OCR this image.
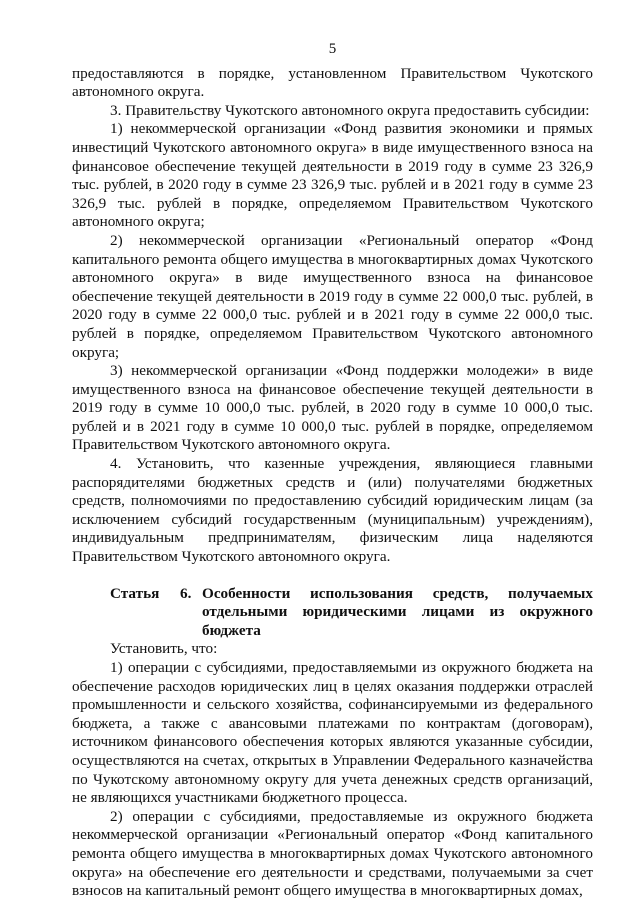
5

предоставляются в порядке, установленном Правительством Чукотского автономного округа.

3. Правительству Чукотского автономного округа предоставить субсидии:

1) некоммерческой организации «Фонд развития экономики и прямых инвестиций Чукотского автономного округа» в виде имущественного взноса на финансовое обеспечение текущей деятельности в 2019 году в сумме 23 326,9 тыс. рублей, в 2020 году в сумме 23 326,9 тыс. рублей и в 2021 году в сумме 23 326,9 тыс. рублей в порядке, определяемом Правительством Чукотского автономного округа;

2) некоммерческой организации «Региональный оператор «Фонд капитального ремонта общего имущества в многоквартирных домах Чукотского автономного округа» в виде имущественного взноса на финансовое обеспечение текущей деятельности в 2019 году в сумме 22 000,0 тыс. рублей, в 2020 году в сумме 22 000,0 тыс. рублей и в 2021 году в сумме 22 000,0 тыс. рублей в порядке, определяемом Правительством Чукотского автономного округа;

3) некоммерческой организации «Фонд поддержки молодежи» в виде имущественного взноса на финансовое обеспечение текущей деятельности в 2019 году в сумме 10 000,0 тыс. рублей, в 2020 году в сумме 10 000,0 тыс. рублей и в 2021 году в сумме 10 000,0 тыс. рублей в порядке, определяемом Правительством Чукотского автономного округа.

4. Установить, что казенные учреждения, являющиеся главными распорядителями бюджетных средств и (или) получателями бюджетных средств, полномочиями по предоставлению субсидий юридическим лицам (за исключением субсидий государственным (муниципальным) учреждениям), индивидуальным предпринимателям, физическим лица наделяются Правительством Чукотского автономного округа.

Статья	6. Особенности использования средств, получаемых отдельными юридическими лицами из окружного бюджета

Установить, что:

1) операции с субсидиями, предоставляемыми из окружного бюджета на обеспечение расходов юридических лиц в целях оказания поддержки отраслей промышленности и сельского хозяйства, софинансируемыми из федерального бюджета, а также с авансовыми платежами по контрактам (договорам), источником финансового обеспечения которых являются указанные субсидии, осуществляются на счетах, открытых в Управлении Федерального казначейства по Чукотскому автономному округу для учета денежных средств организаций, не являющихся участниками бюджетного процесса.

2) операции с субсидиями, предоставляемые из окружного бюджета некоммерческой организации «Региональный оператор «Фонд капитального ремонта общего имущества в многоквартирных домах Чукотского автономного округа» на обеспечение его деятельности и средствами, получаемыми за счет взносов на капитальный ремонт общего имущества в многоквартирных домах,
